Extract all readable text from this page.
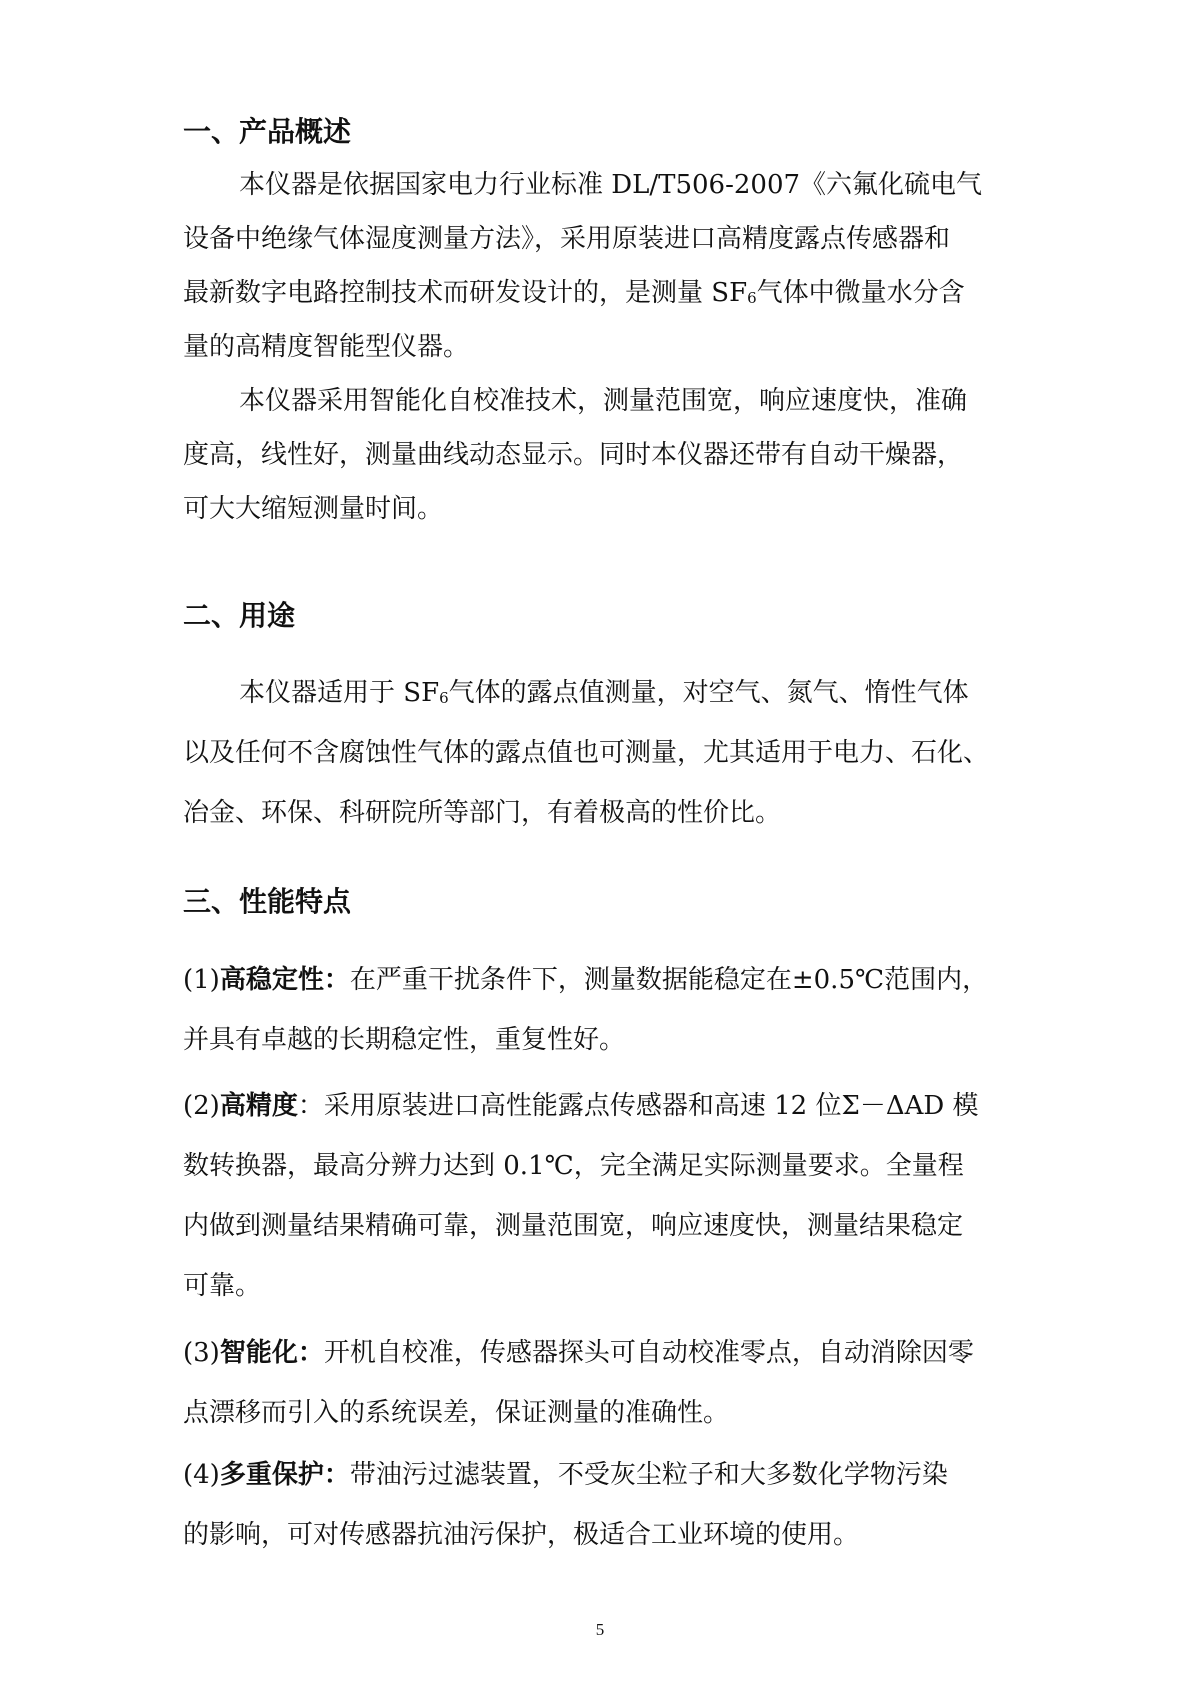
一、产品概述
本仪器是依据国家电力行业标准 DL/T506-2007《六氟化硫电气
设备中绝缘气体湿度测量方法》，采用原装进口高精度露点传感器和
最新数字电路控制技术而研发设计的，是测量 $SF_6$气体中微量水分含
量的高精度智能型仪器。
本仪器采用智能化自校准技术，测量范围宽，响应速度快，准确
度高，线性好，测量曲线动态显示。同时本仪器还带有自动干燥器，
可大大缩短测量时间。
二、用途
本仪器适用于 $SF_6$气体的露点值测量，对空气、氮气、惰性气体
以及任何不含腐蚀性气体的露点值也可测量，尤其适用于电力、石化、
冶金、环保、科研院所等部门，有着极高的性价比。
三、性能特点
(1)高稳定性：在严重干扰条件下，测量数据能稳定在±0.5℃范围内，
并具有卓越的长期稳定性，重复性好。
(2)高精度：采用原装进口高性能露点传感器和高速 12 位Σ－ΔAD 模
数转换器，最高分辨力达到 0.1℃，完全满足实际测量要求。全量程
内做到测量结果精确可靠，测量范围宽，响应速度快，测量结果稳定
可靠。
(3)智能化：开机自校准，传感器探头可自动校准零点，自动消除因零
点漂移而引入的系统误差，保证测量的准确性。
(4)多重保护：带油污过滤装置，不受灰尘粒子和大多数化学物污染
的影响，可对传感器抗油污保护，极适合工业环境的使用。
5
